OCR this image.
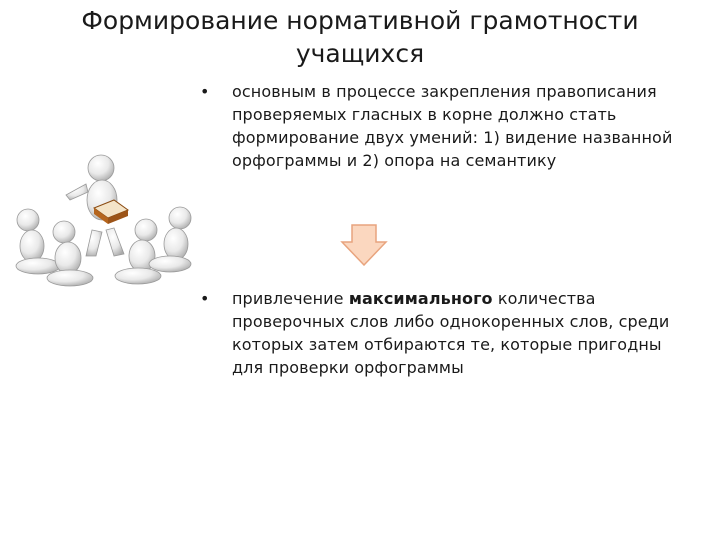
Формирование нормативной грамотности учащихся
•	основным в процессе закрепления правописания проверяемых гласных в корне должно стать формирование двух умений: 1) видение названной орфограммы и 2) опора на семантику
•	привлечение максимального количества проверочных слов либо однокоренных слов, среди которых затем отбираются те, которые пригодны для проверки орфограммы
